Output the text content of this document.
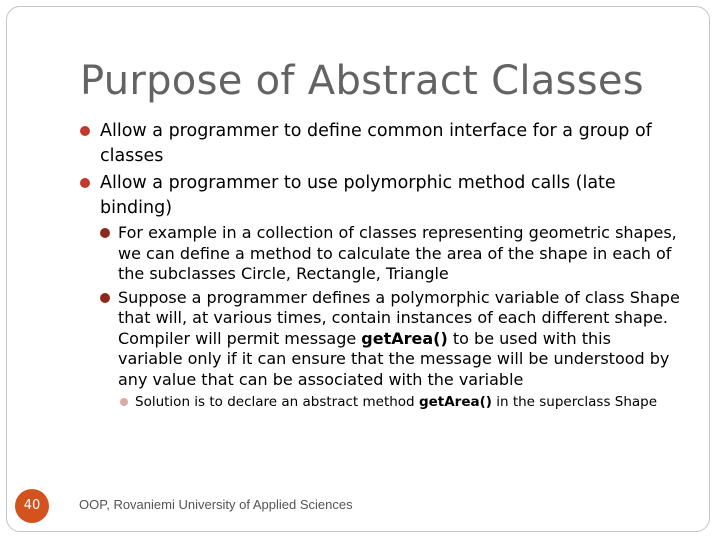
Purpose of Abstract Classes
Allow a programmer to define common interface for a group of classes
Allow a programmer to use polymorphic method calls (late binding)
For example in a collection of classes representing geometric shapes, we can define a method to calculate the area of the shape in each of the subclasses Circle, Rectangle, Triangle
Suppose a programmer defines a polymorphic variable of class Shape that will, at various times, contain instances of each different shape. Compiler will permit message getArea() to be used with this variable only if it can ensure that the message will be understood by any value that can be associated with the variable
Solution is to declare an abstract method getArea() in the superclass Shape
40	OOP, Rovaniemi University of Applied Sciences
